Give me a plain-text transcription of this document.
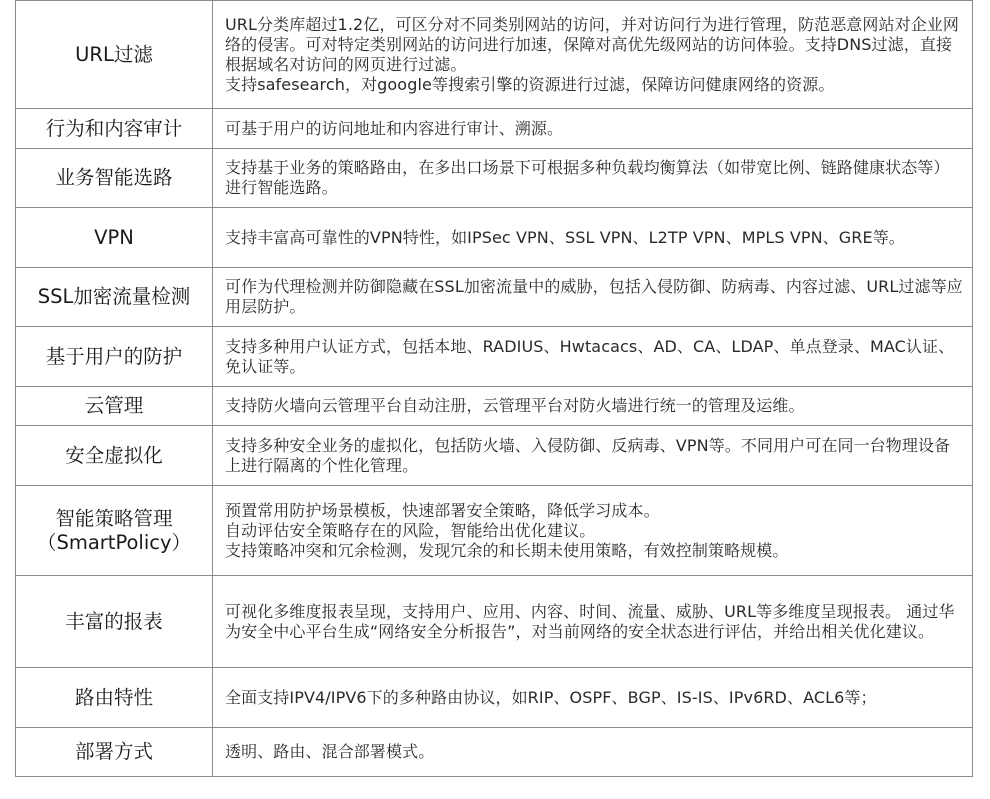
URL过滤	URL分类库超过1.2亿，可区分对不同类别网站的访问，并对访问行为进行管理，防范恶意网站对企业网络的侵害。可对特定类别网站的访问进行加速，保障对高优先级网站的访问体验。支持DNS过滤，直接根据域名对访问的网页进行过滤。
支持safesearch，对google等搜索引擎的资源进行过滤，保障访问健康网络的资源。

行为和内容审计	可基于用户的访问地址和内容进行审计、溯源。

业务智能选路	支持基于业务的策略路由，在多出口场景下可根据多种负载均衡算法（如带宽比例、链路健康状态等）进行智能选路。

VPN	支持丰富高可靠性的VPN特性，如IPSec VPN、SSL VPN、L2TP VPN、MPLS VPN、GRE等。

SSL加密流量检测	可作为代理检测并防御隐藏在SSL加密流量中的威胁，包括入侵防御、防病毒、内容过滤、URL过滤等应用层防护。

基于用户的防护	支持多种用户认证方式，包括本地、RADIUS、Hwtacacs、AD、CA、LDAP、单点登录、MAC认证、免认证等。

云管理	支持防火墙向云管理平台自动注册，云管理平台对防火墙进行统一的管理及运维。

安全虚拟化	支持多种安全业务的虚拟化，包括防火墙、入侵防御、反病毒、VPN等。不同用户可在同一台物理设备上进行隔离的个性化管理。

智能策略管理
（SmartPolicy）	预置常用防护场景模板，快速部署安全策略，降低学习成本。
自动评估安全策略存在的风险，智能给出优化建议。
支持策略冲突和冗余检测，发现冗余的和长期未使用策略，有效控制策略规模。

丰富的报表	可视化多维度报表呈现，支持用户、应用、内容、时间、流量、威胁、URL等多维度呈现报表。 通过华为安全中心平台生成“网络安全分析报告”，对当前网络的安全状态进行评估，并给出相关优化建议。

路由特性	全面支持IPV4/IPV6下的多种路由协议，如RIP、OSPF、BGP、IS-IS、IPv6RD、ACL6等；

部署方式	透明、路由、混合部署模式。
